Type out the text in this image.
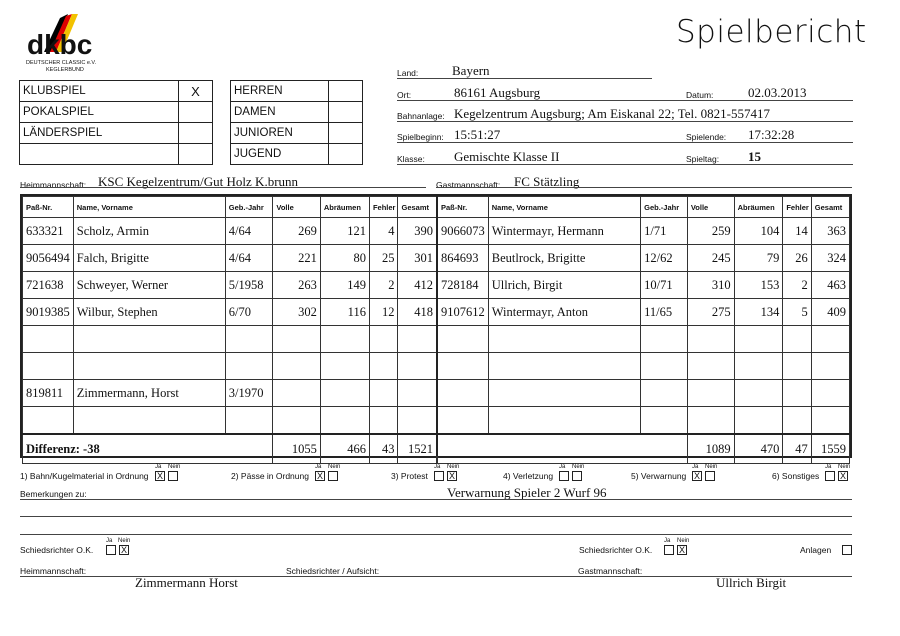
dkbc
DEUTSCHER CLASSIC e.V.
KEGLERBUND
Spielbericht
KLUBSPIEL	X
POKALSPIEL	
LÄNDERSPIEL	

HERREN	
DAMEN	
JUNIOREN	
JUGEND	
Land:	Bayern
Ort:	86161 Augsburg	Datum:	02.03.2013
Bahnanlage: Kegelzentrum Augsburg; Am Eiskanal 22; Tel. 0821-557417
Spielbeginn: 15:51:27	Spielende: 17:32:28
Klasse: Gemischte Klasse II	Spieltag: 15
Heimmannschaft: KSC Kegelzentrum/Gut Holz K.brunn	Gastmannschaft: FC Stätzling
Paß-Nr.	Name, Vorname	Geb.-Jahr	Volle	Abräumen	Fehler	Gesamt
633321	Scholz, Armin	4/64	269	121	4	390
9056494	Falch, Brigitte	4/64	221	80	25	301
721638	Schweyer, Werner	5/1958	263	149	2	412
9019385	Wilbur, Stephen	6/70	302	116	12	418

819811	Zimmermann, Horst	3/1970				

Differenz: -38			1055	466	43	1521
Paß-Nr.	Name, Vorname	Geb.-Jahr	Volle	Abräumen	Fehler	Gesamt
9066073	Wintermayr, Hermann	1/71	259	104	14	363
864693	Beutlrock, Brigitte	12/62	245	79	26	324
728184	Ullrich, Birgit	10/71	310	153	2	463
9107612	Wintermayr, Anton	11/65	275	134	5	409

			1089	470	47	1559
1) Bahn/Kugelmaterial in Ordnung
Ja
X
Nein
2) Pässe in Ordnung
Ja
X
Nein
3) Protest
Ja Nein
X	4) Verletzung
Ja Nein
5) Verwarnung
Ja
X
Nein
6) Sonstiges
Ja Nein
X
Bemerkungen zu:	Verwarnung Spieler 2 Wurf 96
Schiedsrichter O.K.
Ja Nein
X	Schiedsrichter O.K.
Ja Nein
X	Anlagen
Heimmannschaft:	Schiedsrichter / Aufsicht:	Gastmannschaft:
Zimmermann Horst	Ullrich Birgit
